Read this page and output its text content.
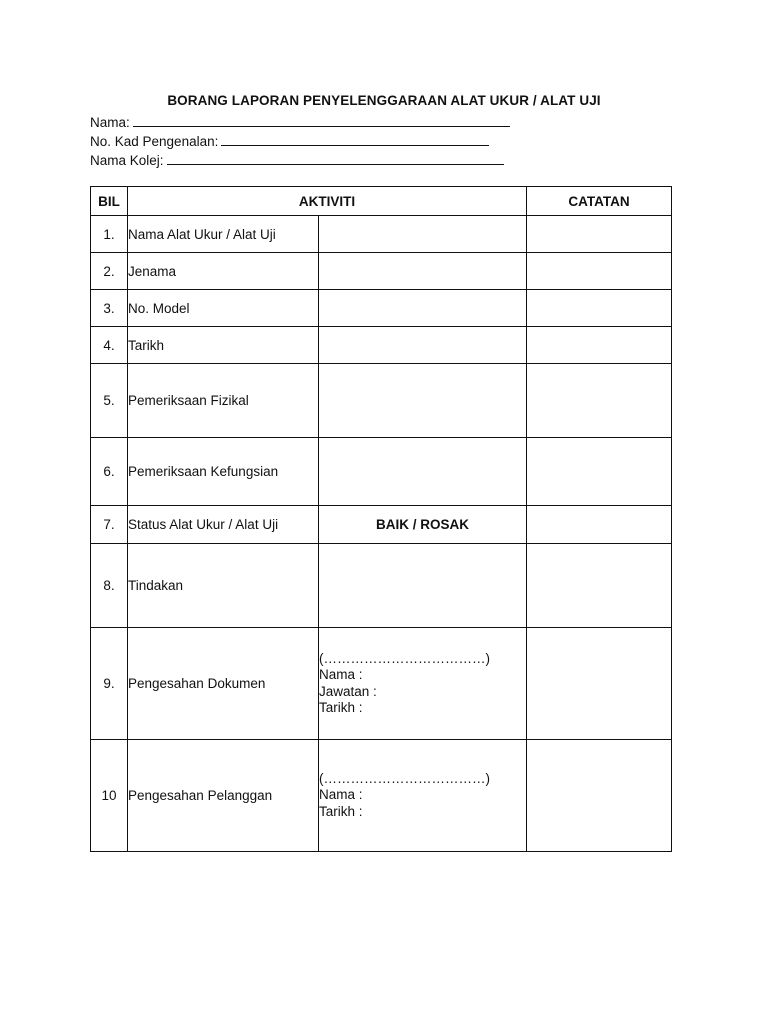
BORANG LAPORAN PENYELENGGARAAN ALAT UKUR / ALAT UJI
Nama:
No. Kad Pengenalan:
Nama Kolej:
BIL	AKTIVITI		CATATAN
1.	Nama Alat Ukur / Alat Uji		
2.	Jenama		
3.	No. Model		
4.	Tarikh		
5.	Pemeriksaan Fizikal		
6.	Pemeriksaan Kefungsian		
7.	Status Alat Ukur / Alat Uji	BAIK / ROSAK	
8.	Tindakan		
9.	Pengesahan Dokumen	(………………………………)
Nama :
Jawatan :
Tarikh :	

10	Pengesahan Pelanggan	(………………………………)
Nama :
Tarikh :	
